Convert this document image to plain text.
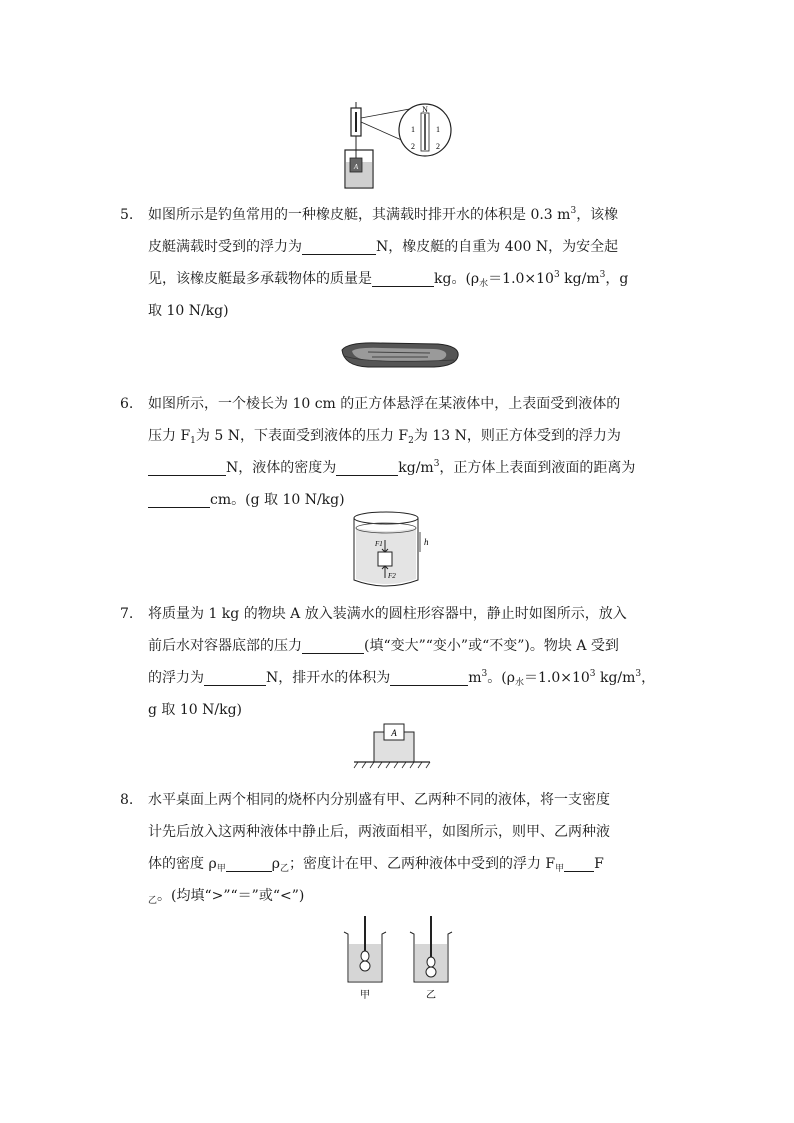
A
N
1
2
1
2
5. 如图所示是钓鱼常用的一种橡皮艇，其满载时排开水的体积是 0.3 $m^3$，该橡
皮艇满载时受到的浮力为	N，橡皮艇的自重为 400 N，为安全起
见，该橡皮艇最多承载物体的质量是	kg。($\rho_水=1.0\times 10^3$ $kg/m^3$，g
取 10 N/kg)
6. 如图所示，一个棱长为 10 cm 的正方体悬浮在某液体中，上表面受到液体的
压力 $F_1$为 5 N，下表面受到液体的压力 $F_2$为 13 N，则正方体受到的浮力为
N，液体的密度为	$kg/m^3$，正方体上表面到液面的距离为
cm。(g 取 10 N/kg)
F1
F2
h
7. 将质量为 1 kg 的物块 A 放入装满水的圆柱形容器中，静止时如图所示，放入
前后水对容器底部的压力	(填“变大”“变小”或“不变”)。物块 A 受到
的浮力为	N，排开水的体积为	$m^3$。($\rho_水=1.0\times 10^3$ $kg/m^3$，
g 取 10 N/kg)
A
8. 水平桌面上两个相同的烧杯内分别盛有甲、乙两种不同的液体，将一支密度
计先后放入这两种液体中静止后，两液面相平，如图所示，则甲、乙两种液
体的密度 $\rho_甲$	$\rho_乙$；密度计在甲、乙两种液体中受到的浮力 $F_甲$ F
$_乙$。(均填“>”“＝”或“<”)
甲	乙
